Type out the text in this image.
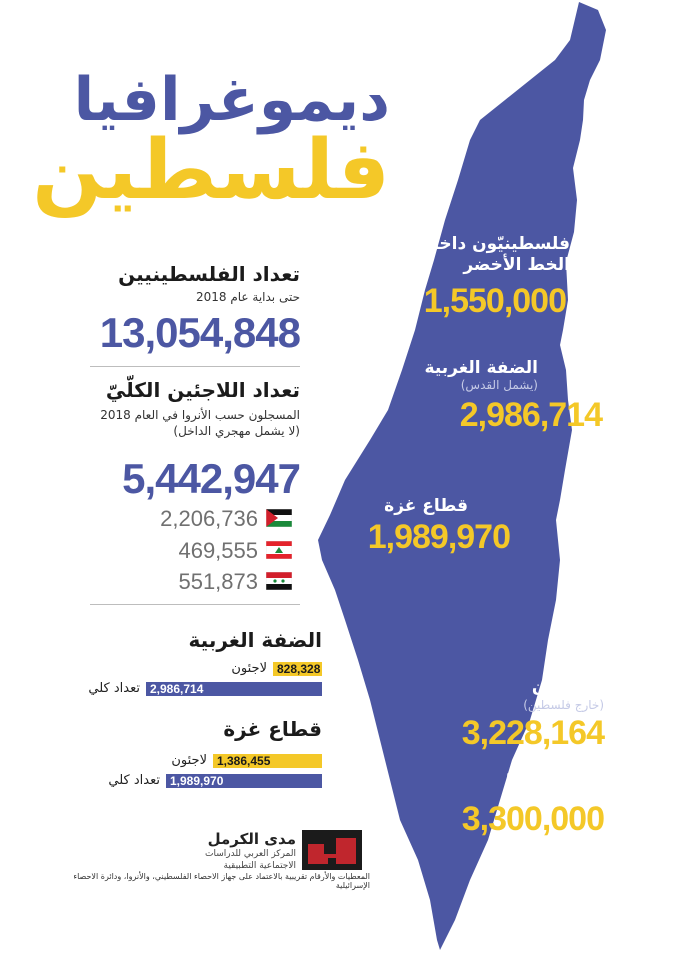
ديموغرافيا
فلسطين
تعداد الفلسطينيين
حتى بداية عام 2018
13,054,848
تعداد اللاجئين الكلّيّ
المسجلون حسب الأنروا في العام 2018
(لا يشمل مهجري الداخل)
5,442,947
2,206,736
469,555
551,873
الضفة الغربية
828,328
لاجئون
2,986,714
تعداد كلي
قطاع غزة
1,386,455
لاجئون
1,989,970
تعداد كلي
فلسطينيّون داخل
الخط الأخضر
1,550,000
الضفة الغربية
(يشمل القدس)
2,986,714
قطاع غزة
1,989,970
لاجئون
مسجلون
(خارج فلسطين)
3,228,164
فلسطينيّون
في الشتات
3,300,000
مدى الكرمل
المركز العربي للدراسات
الاجتماعية التطبيقية
المعطيات والأرقام تقريبية بالاعتماد على جهاز الاحصاء الفلسطيني، والأنروا، ودائرة الاحصاء الإسرائيلية
